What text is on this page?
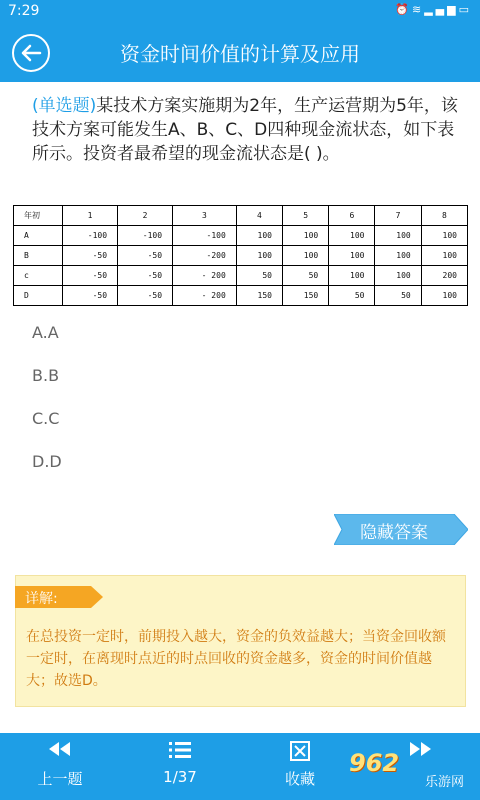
7:29	⏰≋▂▄▆▭
资金时间价值的计算及应用
(单选题)某技术方案实施期为2年，生产运营期为5年，该技术方案可能发生A、B、C、D四种现金流状态，如下表所示。投资者最希望的现金流状态是( )。
年初	1	2	3	4	5	6	7	8
A	-100	-100	-100	100	100	100	100	100
B	-50	-50	-200	100	100	100	100	100
c	-50	-50	- 200	50	50	100	100	200
D	-50	-50	- 200	150	150	50	50	100
A.A
B.B
C.C
D.D
隐藏答案
详解:
在总投资一定时，前期投入越大，资金的负效益越大；当资金回收额一定时，在离现时点近的时点回收的资金越多，资金的时间价值越大；故选D。
上一题	1/37	收藏
962
乐游网
